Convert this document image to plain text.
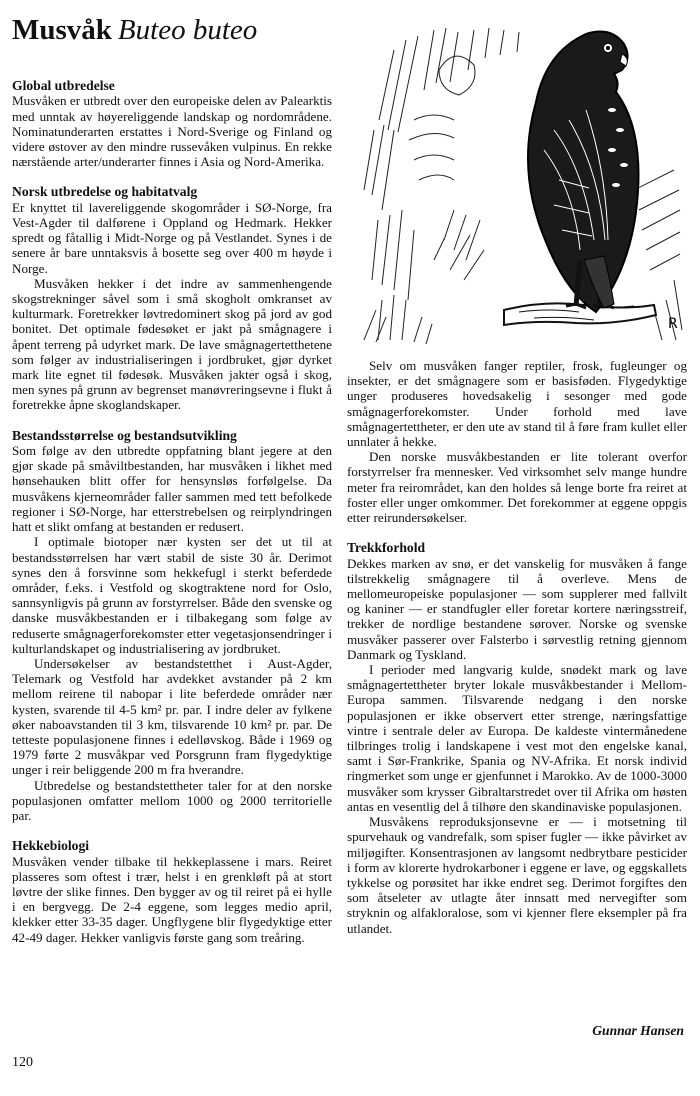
Musvåk Buteo buteo
R
Global utbredelse

Musvåken er utbredt over den europeiske delen av Palearktis med unntak av høyereliggende landskap og nordområdene. Nominatunderarten erstattes i Nord-Sverige og Finland og videre østover av den mindre russevåken vulpinus. En rekke nærstående arter/underarter finnes i Asia og Nord-Amerika.

Norsk utbredelse og habitatvalg

Er knyttet til lavereliggende skogområder i SØ-Norge, fra Vest-Agder til dalførene i Oppland og Hedmark. Hekker spredt og fåtallig i Midt-Norge og på Vestlandet. Synes i de senere år bare unntaksvis å bosette seg over 400 m høyde i Norge.

Musvåken hekker i det indre av sammenhengende skogstrekninger såvel som i små skogholt omkranset av kulturmark. Foretrekker løvtredominert skog på jord av god bonitet. Det optimale fødesøket er jakt på smågnagere i åpent terreng på udyrket mark. De lave smågnagertetthetene som følger av industrialiseringen i jordbruket, gjør dyrket mark lite egnet til fødesøk. Musvåken jakter også i skog, men synes på grunn av begrenset manøvreringsevne i flukt å foretrekke åpne skoglandskaper.

Bestandsstørrelse og bestandsutvikling

Som følge av den utbredte oppfatning blant jegere at den gjør skade på småviltbestanden, har musvåken i likhet med hønsehauken blitt offer for hensynsløs forfølgelse. Da musvåkens kjerneområder faller sammen med tett befolkede regioner i SØ-Norge, har etterstrebelsen og reirplyndringen hatt et slikt omfang at bestanden er redusert.

I optimale biotoper nær kysten ser det ut til at bestandsstørrelsen har vært stabil de siste 30 år. Derimot synes den å forsvinne som hekkefugl i sterkt beferdede områder, f.eks. i Vestfold og skogtraktene nord for Oslo, sannsynligvis på grunn av forstyrrelser. Både den svenske og danske musvåkbestanden er i tilbakegang som følge av reduserte smågnagerforekomster etter vegetasjonsendringer i kulturlandskapet og industrialisering av jordbruket.

Undersøkelser av bestandstetthet i Aust-Agder, Telemark og Vestfold har avdekket avstander på 2 km mellom reirene til nabopar i lite beferdede områder nær kysten, svarende til 4-5 km² pr. par. I indre deler av fylkene øker naboavstanden til 3 km, tilsvarende 10 km² pr. par. De tetteste populasjonene finnes i edelløvskog. Både i 1969 og 1979 førte 2 musvåkpar ved Porsgrunn fram flygedyktige unger i reir beliggende 200 m fra hverandre.

Utbredelse og bestandstettheter taler for at den norske populasjonen omfatter mellom 1000 og 2000 territorielle par.

Hekkebiologi

Musvåken vender tilbake til hekkeplassene i mars. Reiret plasseres som oftest i trær, helst i en grenkløft på at stort løvtre der slike finnes. Den bygger av og til reiret på ei hylle i en bergvegg. De 2-4 eggene, som legges medio april, klekker etter 33-35 dager. Ungflygene blir flygedyktige etter 42-49 dager. Hekker vanligvis første gang som treåring.

Selv om musvåken fanger reptiler, frosk, fugleunger og insekter, er det smågnagere som er basisføden. Flygedyktige unger produseres hovedsakelig i sesonger med gode smågnagerforekomster. Under forhold med lave smågnagertettheter, er den ute av stand til å føre fram kullet eller unnlater å hekke.

Den norske musvåkbestanden er lite tolerant overfor forstyrrelser fra mennesker. Ved virksomhet selv mange hundre meter fra reirområdet, kan den holdes så lenge borte fra reiret at foster eller unger omkommer. Det forekommer at eggene oppgis etter reirundersøkelser.

Trekkforhold

Dekkes marken av snø, er det vanskelig for musvåken å fange tilstrekkelig smågnagere til å overleve. Mens de mellomeuropeiske populasjoner — som supplerer med fallvilt og kaniner — er standfugler eller foretar kortere næringsstreif, trekker de nordlige bestandene sørover. Norske og svenske musvåker passerer over Falsterbo i sørvestlig retning gjennom Danmark og Tyskland.

I perioder med langvarig kulde, snødekt mark og lave smågnagertettheter bryter lokale musvåkbestander i Mellom-Europa sammen. Tilsvarende nedgang i den norske populasjonen er ikke observert etter strenge, næringsfattige vintre i sentrale deler av Europa. De kaldeste vintermånedene tilbringes trolig i landskapene i vest mot den engelske kanal, samt i Sør-Frankrike, Spania og NV-Afrika. Et norsk individ ringmerket som unge er gjenfunnet i Marokko. Av de 1000-3000 musvåker som krysser Gibraltarstredet over til Afrika om høsten antas en vesentlig del å tilhøre den skandinaviske populasjonen.

Musvåkens reproduksjonsevne er — i motsetning til spurvehauk og vandrefalk, som spiser fugler — ikke påvirket av miljøgifter. Konsentrasjonen av langsomt nedbrytbare pesticider i form av klorerte hydrokarboner i eggene er lave, og eggskallets tykkelse og porøsitet har ikke endret seg. Derimot forgiftes den som åtseleter av utlagte åter innsatt med nervegifter som stryknin og alfakloralose, som vi kjenner flere eksempler på fra utlandet.

Gunnar Hansen

120
